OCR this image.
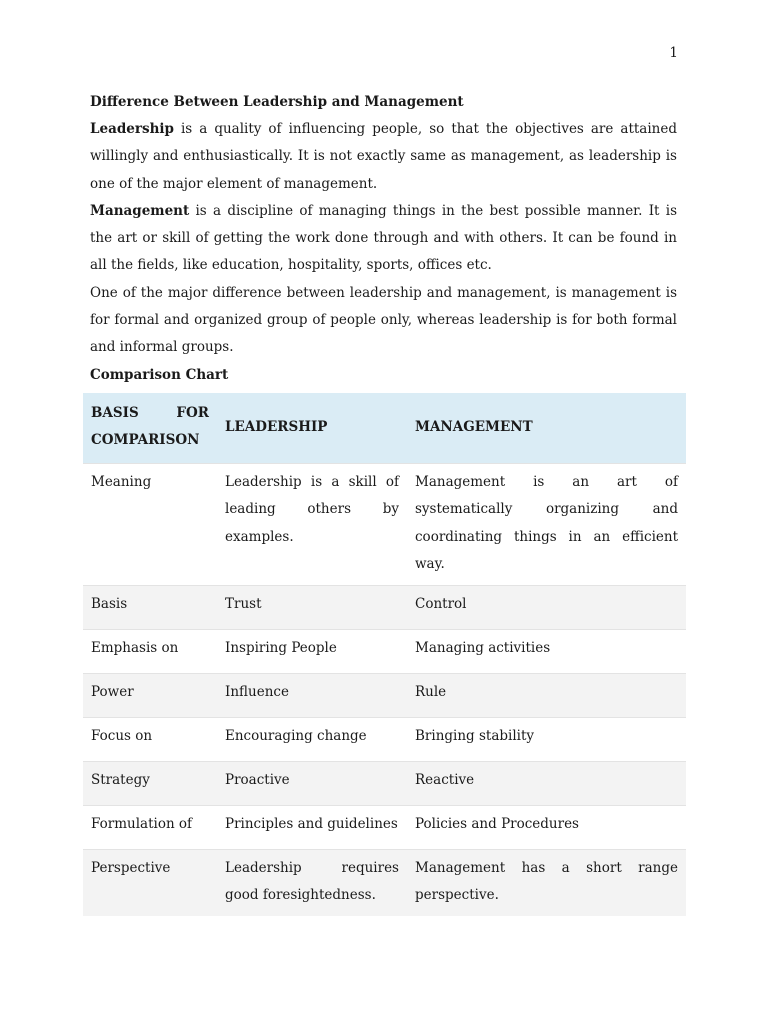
1
Difference Between Leadership and Management

Leadership is a quality of influencing people, so that the objectives are attained willingly and enthusiastically. It is not exactly same as management, as leadership is one of the major element of management.

Management is a discipline of managing things in the best possible manner. It is the art or skill of getting the work done through and with others. It can be found in all the fields, like education, hospitality, sports, offices etc.

One of the major difference between leadership and management, is management is for formal and organized group of people only, whereas leadership is for both formal and informal groups.

Comparison Chart
BASIS FOR COMPARISON	LEADERSHIP	MANAGEMENT
Meaning	Leadership is a skill of leading others by examples.	Management is an art of systematically organizing and coordinating things in an efficient way.
Basis	Trust	Control
Emphasis on	Inspiring People	Managing activities
Power	Influence	Rule
Focus on	Encouraging change	Bringing stability
Strategy	Proactive	Reactive
Formulation of	Principles and guidelines	Policies and Procedures
Perspective	Leadership requires good foresightedness.	Management has a short range perspective.
